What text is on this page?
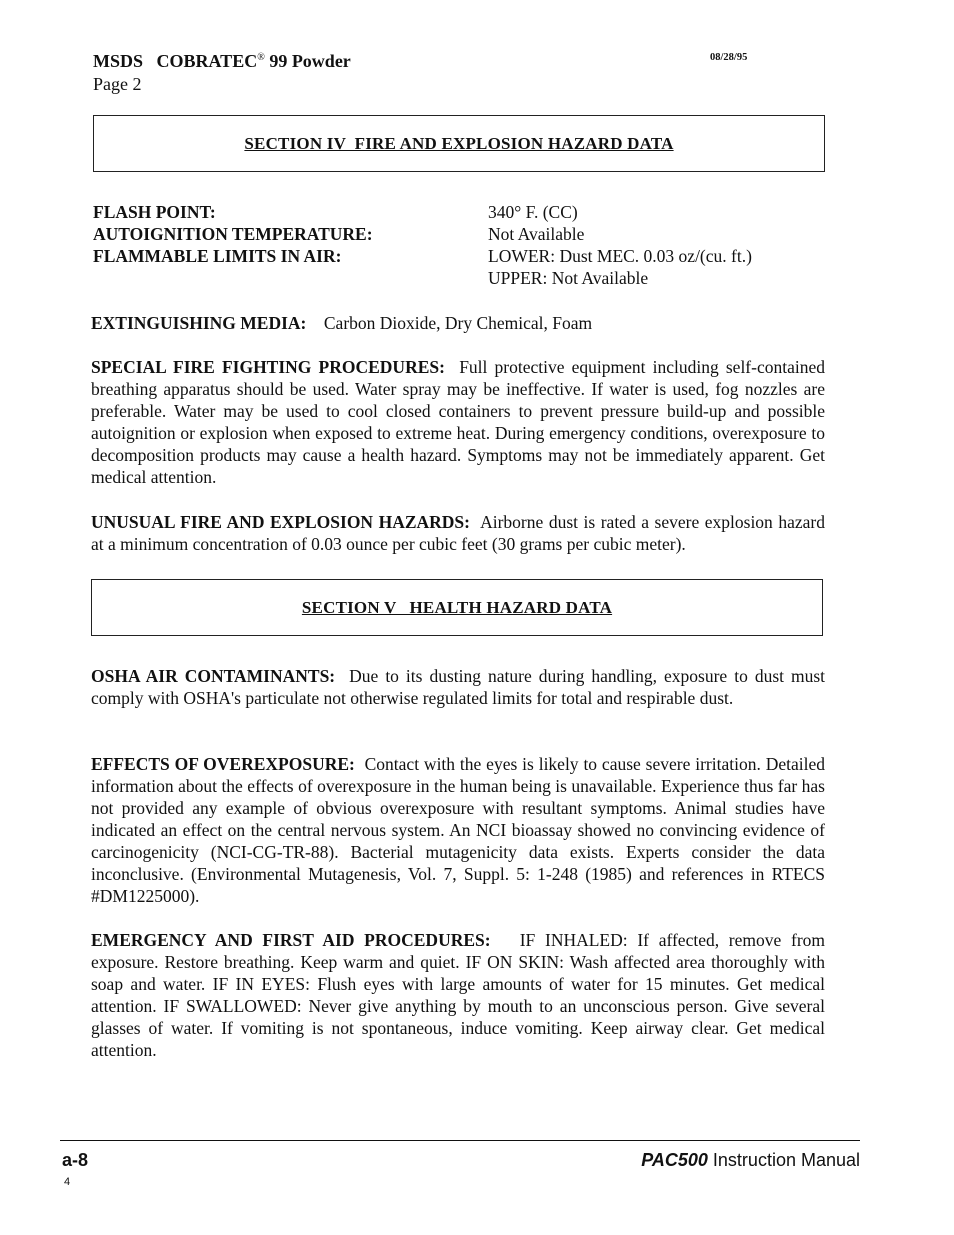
MSDS COBRATEC® 99 Powder
Page 2
08/28/95
SECTION IV  FIRE AND EXPLOSION HAZARD DATA
FLASH POINT:	340° F. (CC)
AUTOIGNITION TEMPERATURE:	Not Available
FLAMMABLE LIMITS IN AIR:	LOWER: Dust MEC. 0.03 oz/(cu. ft.)
UPPER: Not Available
EXTINGUISHING MEDIA: Carbon Dioxide, Dry Chemical, Foam
SPECIAL FIRE FIGHTING PROCEDURES: Full protective equipment including self-contained breathing apparatus should be used. Water spray may be ineffective. If water is used, fog nozzles are preferable. Water may be used to cool closed containers to prevent pressure build-up and possible autoignition or explosion when exposed to extreme heat. During emergency conditions, overexposure to decomposition products may cause a health hazard. Symptoms may not be immediately apparent. Get medical attention.
UNUSUAL FIRE AND EXPLOSION HAZARDS: Airborne dust is rated a severe explosion hazard at a minimum concentration of 0.03 ounce per cubic feet (30 grams per cubic meter).
SECTION V   HEALTH HAZARD DATA
OSHA AIR CONTAMINANTS: Due to its dusting nature during handling, exposure to dust must comply with OSHA's particulate not otherwise regulated limits for total and respirable dust.
EFFECTS OF OVEREXPOSURE: Contact with the eyes is likely to cause severe irritation. Detailed information about the effects of overexposure in the human being is unavailable. Experience thus far has not provided any example of obvious overexposure with resultant symptoms. Animal studies have indicated an effect on the central nervous system. An NCI bioassay showed no convincing evidence of carcinogenicity (NCI-CG-TR-88). Bacterial mutagenicity data exists. Experts consider the data inconclusive. (Environmental Mutagenesis, Vol. 7, Suppl. 5: 1-248 (1985) and references in RTECS #DM1225000).
EMERGENCY AND FIRST AID PROCEDURES: IF INHALED: If affected, remove from exposure. Restore breathing. Keep warm and quiet. IF ON SKIN: Wash affected area thoroughly with soap and water. IF IN EYES: Flush eyes with large amounts of water for 15 minutes. Get medical attention. IF SWALLOWED: Never give anything by mouth to an unconscious person. Give several glasses of water. If vomiting is not spontaneous, induce vomiting. Keep airway clear. Get medical attention.
a-8	PAC500 Instruction Manual
4
